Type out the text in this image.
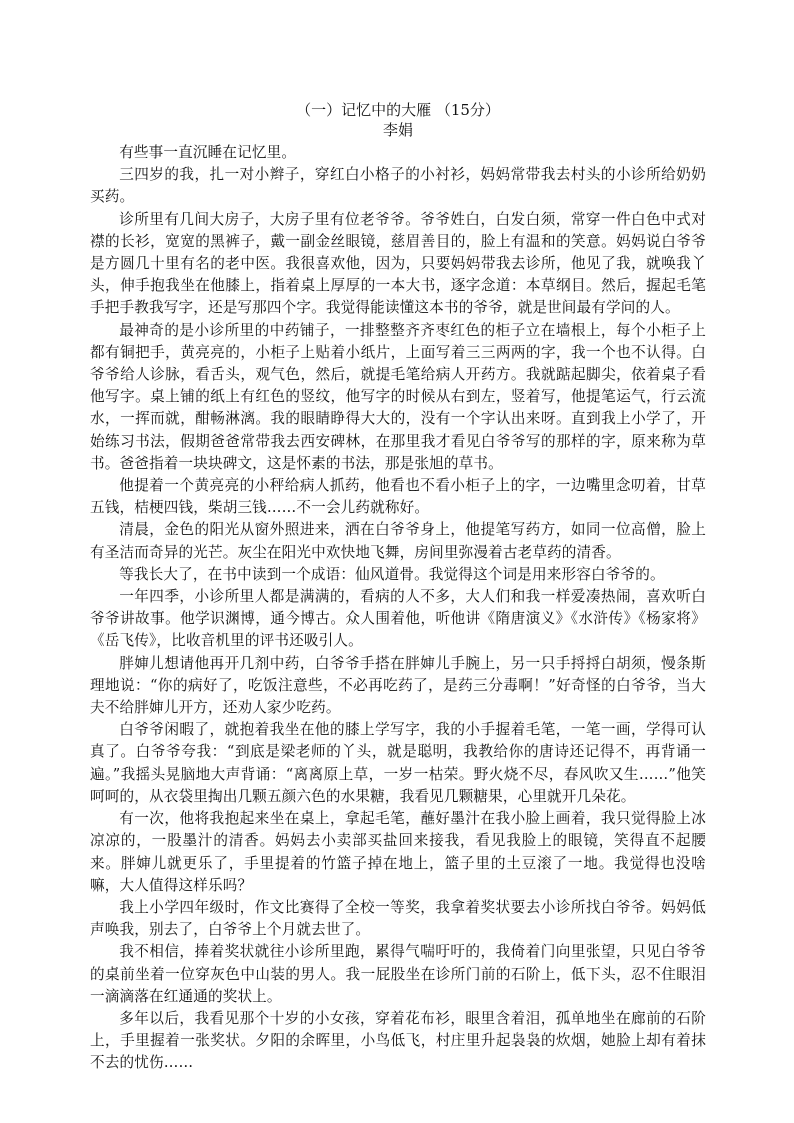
（一）记忆中的大雁 （15分）
李娟

有些事一直沉睡在记忆里。

三四岁的我，扎一对小辫子，穿红白小格子的小衬衫，妈妈常带我去村头的小诊所给奶奶买药。

诊所里有几间大房子，大房子里有位老爷爷。爷爷姓白，白发白须，常穿一件白色中式对襟的长衫，宽宽的黑裤子，戴一副金丝眼镜，慈眉善目的，脸上有温和的笑意。妈妈说白爷爷是方圆几十里有名的老中医。我很喜欢他，因为，只要妈妈带我去诊所，他见了我，就唤我丫头，伸手抱我坐在他膝上，指着桌上厚厚的一本大书，逐字念道：本草纲目。然后，握起毛笔手把手教我写字，还是写那四个字。我觉得能读懂这本书的爷爷，就是世间最有学问的人。

最神奇的是小诊所里的中药铺子，一排整整齐齐枣红色的柜子立在墙根上，每个小柜子上都有铜把手，黄亮亮的，小柜子上贴着小纸片，上面写着三三两两的字，我一个也不认得。白爷爷给人诊脉，看舌头，观气色，然后，就提毛笔给病人开药方。我就踮起脚尖，依着桌子看他写字。桌上铺的纸上有红色的竖纹，他写字的时候从右到左，竖着写，他提笔运气，行云流水，一挥而就，酣畅淋漓。我的眼睛睁得大大的，没有一个字认出来呀。直到我上小学了，开始练习书法，假期爸爸常带我去西安碑林，在那里我才看见白爷爷写的那样的字，原来称为草书。爸爸指着一块块碑文，这是怀素的书法，那是张旭的草书。

他提着一个黄亮亮的小秤给病人抓药，他看也不看小柜子上的字，一边嘴里念叨着，甘草五钱，桔梗四钱，柴胡三钱……不一会儿药就称好。

清晨，金色的阳光从窗外照进来，洒在白爷爷身上，他提笔写药方，如同一位高僧，脸上有圣洁而奇异的光芒。灰尘在阳光中欢快地飞舞，房间里弥漫着古老草药的清香。

等我长大了，在书中读到一个成语：仙风道骨。我觉得这个词是用来形容白爷爷的。

一年四季，小诊所里人都是满满的，看病的人不多，大人们和我一样爱凑热闹，喜欢听白爷爷讲故事。他学识渊博，通今博古。众人围着他，听他讲《隋唐演义》《水浒传》《杨家将》《岳飞传》，比收音机里的评书还吸引人。

胖婶儿想请他再开几剂中药，白爷爷手搭在胖婶儿手腕上，另一只手捋捋白胡须，慢条斯理地说：“你的病好了，吃饭注意些，不必再吃药了，是药三分毒啊！”好奇怪的白爷爷，当大夫不给胖婶儿开方，还劝人家少吃药。

白爷爷闲暇了，就抱着我坐在他的膝上学写字，我的小手握着毛笔，一笔一画，学得可认真了。白爷爷夸我：“到底是梁老师的丫头，就是聪明，我教给你的唐诗还记得不，再背诵一遍。”我摇头晃脑地大声背诵：“离离原上草，一岁一枯荣。野火烧不尽，春风吹又生……”他笑呵呵的，从衣袋里掏出几颗五颜六色的水果糖，我看见几颗糖果，心里就开几朵花。

有一次，他将我抱起来坐在桌上，拿起毛笔，蘸好墨汁在我小脸上画着，我只觉得脸上冰凉凉的，一股墨汁的清香。妈妈去小卖部买盐回来接我，看见我脸上的眼镜，笑得直不起腰来。胖婶儿就更乐了，手里提着的竹篮子掉在地上，篮子里的土豆滚了一地。我觉得也没啥嘛，大人值得这样乐吗？

我上小学四年级时，作文比赛得了全校一等奖，我拿着奖状要去小诊所找白爷爷。妈妈低声唤我，别去了，白爷爷上个月就去世了。

我不相信，捧着奖状就往小诊所里跑，累得气喘吁吁的，我倚着门向里张望，只见白爷爷的桌前坐着一位穿灰色中山装的男人。我一屁股坐在诊所门前的石阶上，低下头，忍不住眼泪一滴滴落在红通通的奖状上。

多年以后，我看见那个十岁的小女孩，穿着花布衫，眼里含着泪，孤单地坐在廊前的石阶上，手里握着一张奖状。夕阳的余晖里，小鸟低飞，村庄里升起袅袅的炊烟，她脸上却有着抹不去的忧伤……
